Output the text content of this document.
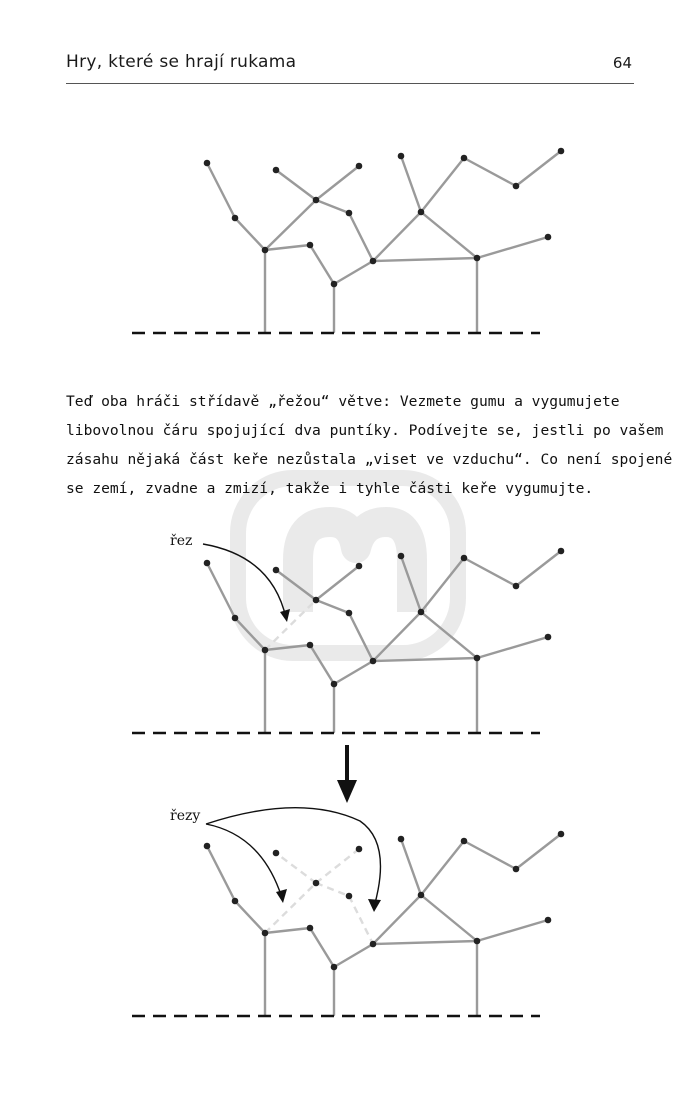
Hry, které se hrají rukama	64
řez
řezy
Teď oba hráči střídavě „řežou“ větve: Vezmete gumu a vygumujete
libovolnou čáru spojující dva puntíky. Podívejte se, jestli po vašem
zásahu nějaká část keře nezůstala „viset ve vzduchu“. Co není spojené
se zemí, zvadne a zmizí, takže i tyhle části keře vygumujte.
